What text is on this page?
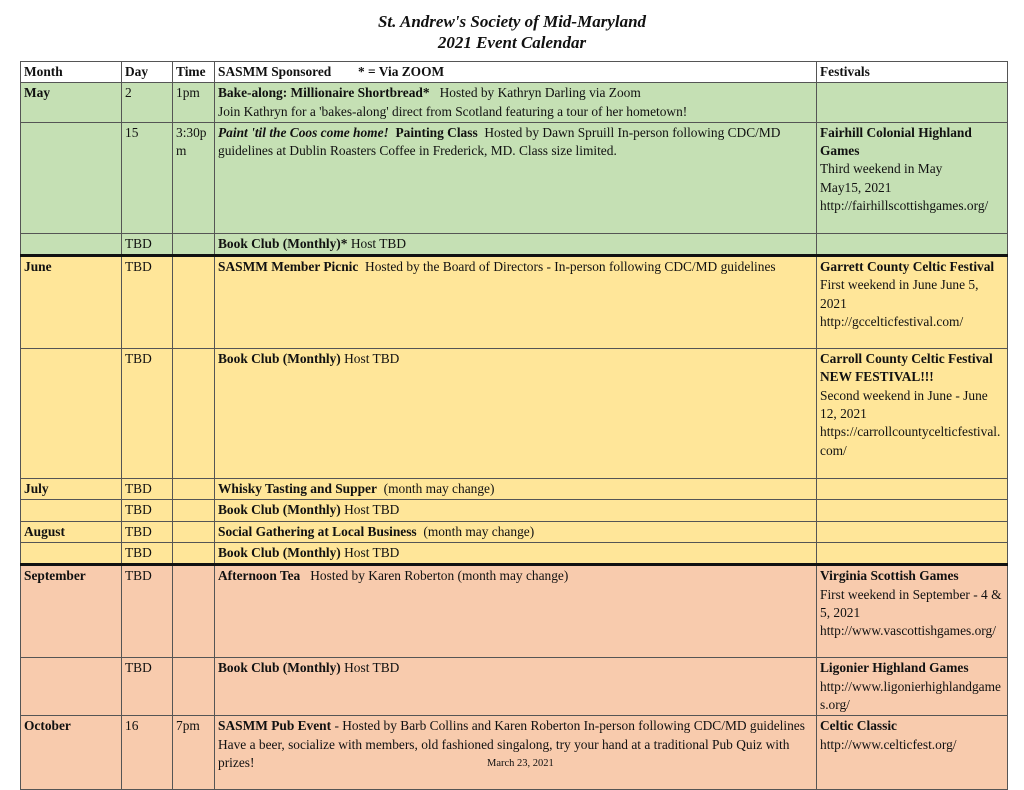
St. Andrew's Society of Mid-Maryland
2021 Event Calendar
Month	Day	Time	SASMM Sponsored * = Via ZOOM	Festivals
May	2	1pm	Bake-along: Millionaire Shortbread* Hosted by Kathryn Darling via Zoom
Join Kathryn for a 'bakes-along' direct from Scotland featuring a tour of her hometown!	
	15	3:30pm	Paint 'til the Coos come home! Painting Class Hosted by Dawn Spruill In-person following CDC/MD guidelines at Dublin Roasters Coffee in Frederick, MD. Class size limited.	Fairhill Colonial Highland Games
Third weekend in May
May15, 2021
http://fairhillscottishgames.org/
	TBD		Book Club (Monthly)* Host TBD	
June	TBD		SASMM Member Picnic Hosted by the Board of Directors - In-person following CDC/MD guidelines	Garrett County Celtic Festival
First weekend in June June 5, 2021
http://gccelticfestival.com/
	TBD		Book Club (Monthly) Host TBD	Carroll County Celtic Festival NEW FESTIVAL!!!
Second weekend in June - June 12, 2021
https://carrollcountycelticfestival.com/
July	TBD		Whisky Tasting and Supper (month may change)	
	TBD		Book Club (Monthly) Host TBD	
August	TBD		Social Gathering at Local Business (month may change)	
	TBD		Book Club (Monthly) Host TBD	
September	TBD		Afternoon Tea Hosted by Karen Roberton (month may change)	Virginia Scottish Games
First weekend in September - 4 & 5, 2021
http://www.vascottishgames.org/
	TBD		Book Club (Monthly) Host TBD	Ligonier Highland Games
http://www.ligonierhighlandgames.org/
October	16	7pm	SASMM Pub Event - Hosted by Barb Collins and Karen Roberton In-person following CDC/MD guidelines
Have a beer, socialize with members, old fashioned singalong, try your hand at a traditional Pub Quiz with prizes!	Celtic Classic
http://www.celticfest.org/
March 23, 2021
